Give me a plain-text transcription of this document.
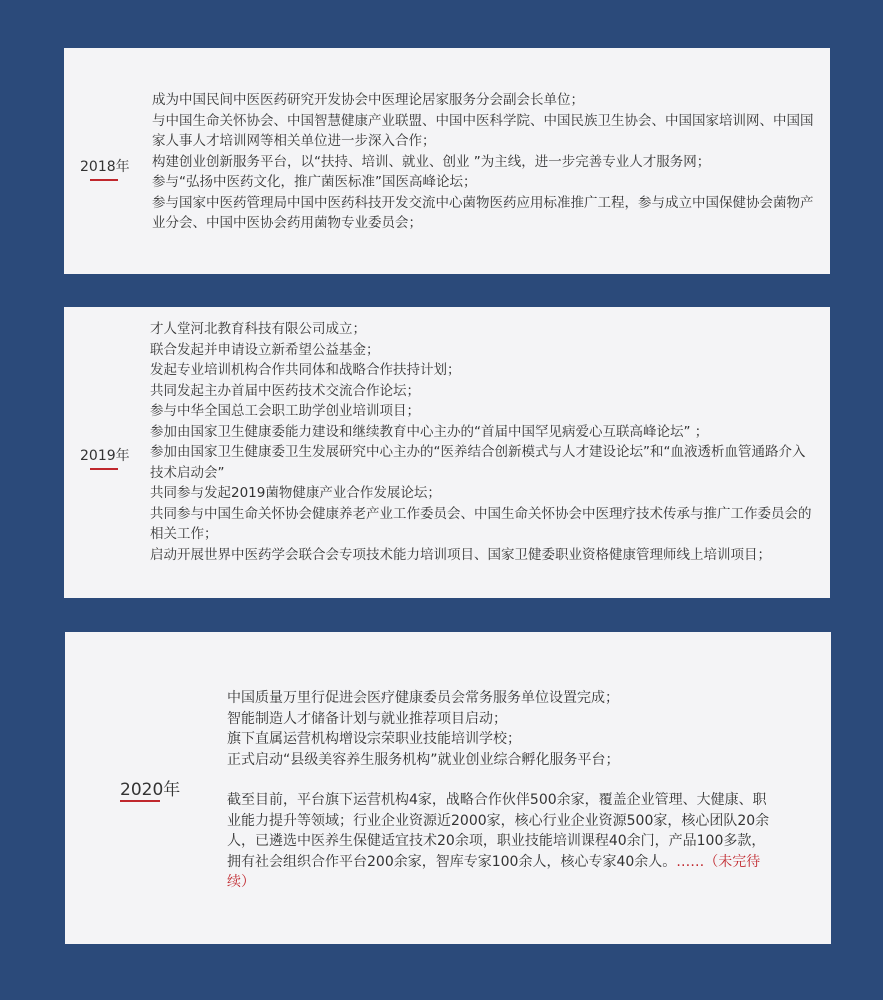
2018年
成为中国民间中医医药研究开发协会中医理论居家服务分会副会长单位；
与中国生命关怀协会、中国智慧健康产业联盟、中国中医科学院、中国民族卫生协会、中国国家培训网、中国国家人事人才培训网等相关单位进一步深入合作；
构建创业创新服务平台，以“扶持、培训、就业、创业 ”为主线，进一步完善专业人才服务网；
参与“弘扬中医药文化，推广菌医标准”国医高峰论坛；
参与国家中医药管理局中国中医药科技开发交流中心菌物医药应用标准推广工程，参与成立中国保健协会菌物产业分会、中国中医协会药用菌物专业委员会；
2019年
才人堂河北教育科技有限公司成立；
联合发起并申请设立新希望公益基金；
发起专业培训机构合作共同体和战略合作扶持计划；
共同发起主办首届中医药技术交流合作论坛；
参与中华全国总工会职工助学创业培训项目；
参加由国家卫生健康委能力建设和继续教育中心主办的“首届中国罕见病爱心互联高峰论坛” ；
参加由国家卫生健康委卫生发展研究中心主办的“医养结合创新模式与人才建设论坛”和“血液透析血管通路介入技术启动会”
共同参与发起2019菌物健康产业合作发展论坛；
共同参与中国生命关怀协会健康养老产业工作委员会、中国生命关怀协会中医理疗技术传承与推广工作委员会的相关工作；
启动开展世界中医药学会联合会专项技术能力培训项目、国家卫健委职业资格健康管理师线上培训项目；
2020年
中国质量万里行促进会医疗健康委员会常务服务单位设置完成；
智能制造人才储备计划与就业推荐项目启动；
旗下直属运营机构增设宗荣职业技能培训学校；
正式启动“县级美容养生服务机构”就业创业综合孵化服务平台；

截至目前，平台旗下运营机构4家，战略合作伙伴500余家，覆盖企业管理、大健康、职业能力提升等领域；行业企业资源近2000家，核心行业企业资源500家，核心团队20余人，已遴选中医养生保健适宜技术20余项，职业技能培训课程40余门，产品100多款，拥有社会组织合作平台200余家，智库专家100余人，核心专家40余人。……（未完待续）
